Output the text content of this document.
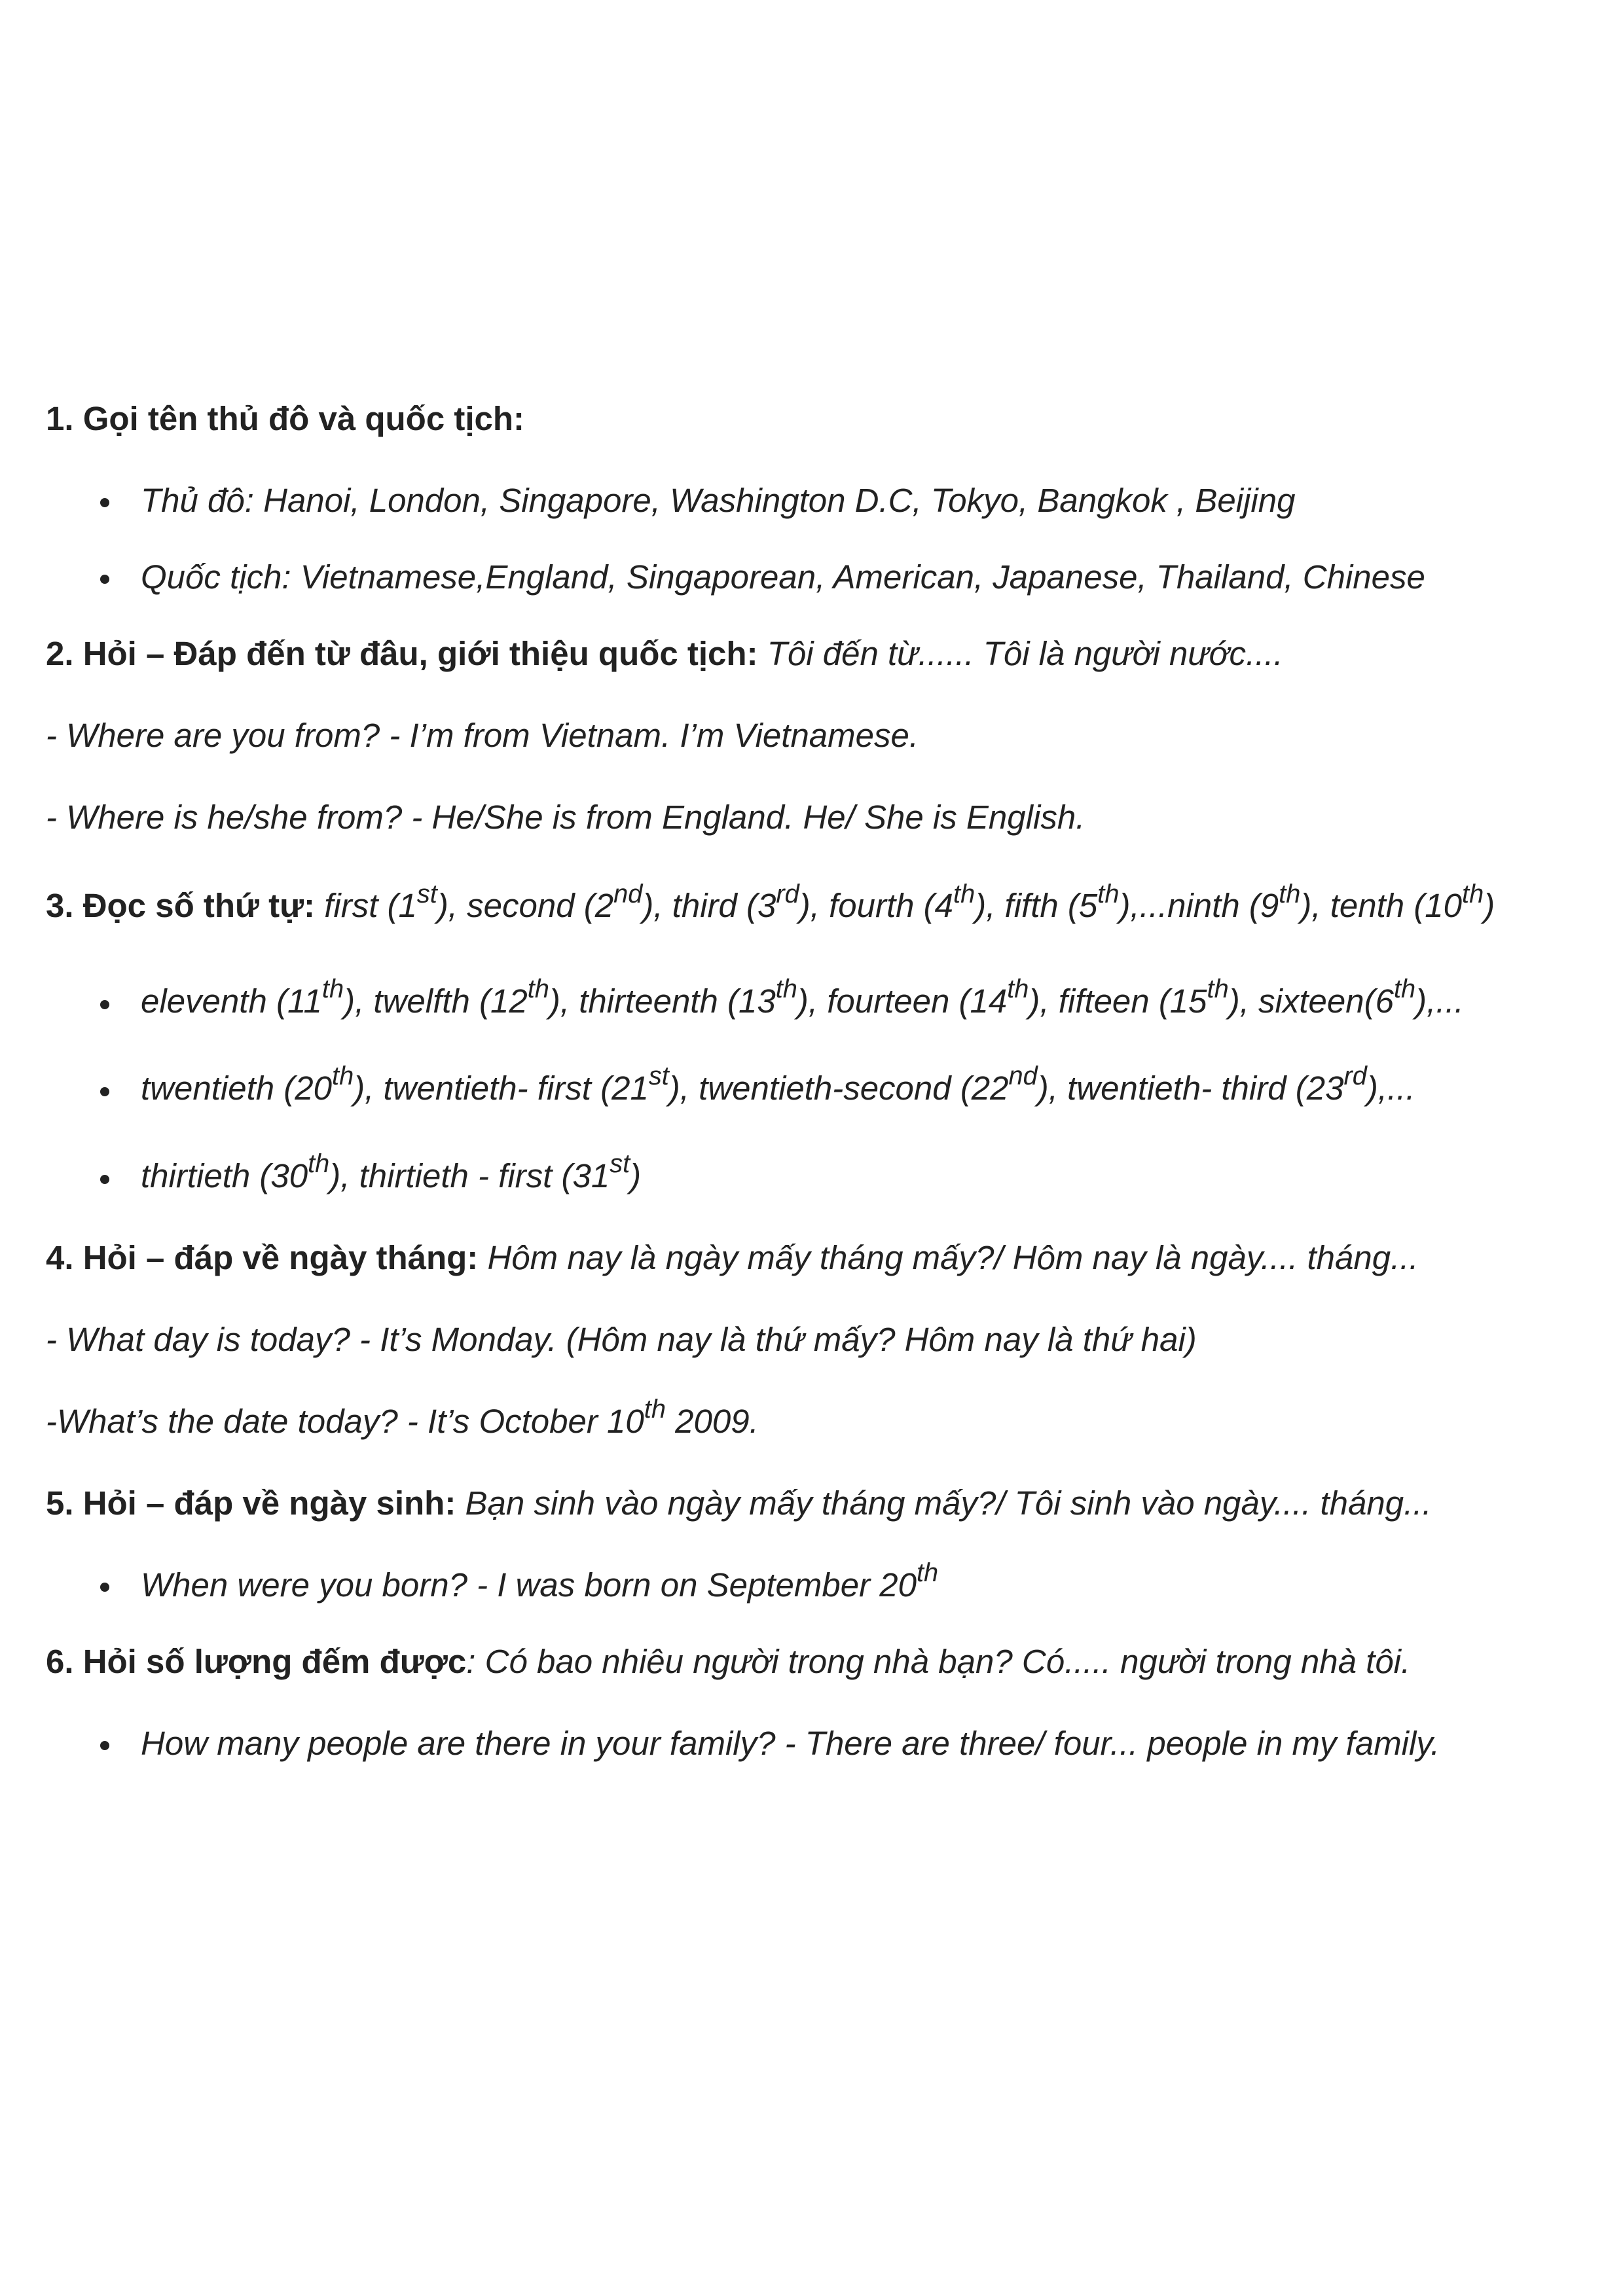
1. Gọi tên thủ đô và quốc tịch:
Thủ đô: Hanoi, London, Singapore, Washington D.C, Tokyo, Bangkok , Beijing
Quốc tịch: Vietnamese,England, Singaporean, American, Japanese, Thailand, Chinese
2. Hỏi – Đáp đến từ đâu, giới thiệu quốc tịch: Tôi đến từ...... Tôi là người nước....
- Where are you from? - I’m from Vietnam. I’m Vietnamese.
- Where is he/she from? - He/She is from England. He/ She is English.
3. Đọc số thứ tự: first (1st), second (2nd), third (3rd), fourth (4th), fifth (5th),...ninth (9th), tenth (10th)
eleventh (11th), twelfth (12th), thirteenth (13th), fourteen (14th), fifteen (15th), sixteen(6th),...
twentieth (20th), twentieth- first (21st), twentieth-second (22nd), twentieth- third (23rd),...
thirtieth (30th), thirtieth - first (31st)
4. Hỏi – đáp về ngày tháng: Hôm nay là ngày mấy tháng mấy?/ Hôm nay là ngày.... tháng...
- What day is today? - It’s Monday. (Hôm nay là thứ mấy? Hôm nay là thứ hai)
-What’s the date today? - It’s October 10th 2009.
5. Hỏi – đáp về ngày sinh: Bạn sinh vào ngày mấy tháng mấy?/ Tôi sinh vào ngày.... tháng...
When were you born? - I was born on September 20th
6. Hỏi số lượng đếm được: Có bao nhiêu người trong nhà bạn? Có..... người trong nhà tôi.
How many people are there in your family? - There are three/ four... people in my family.
